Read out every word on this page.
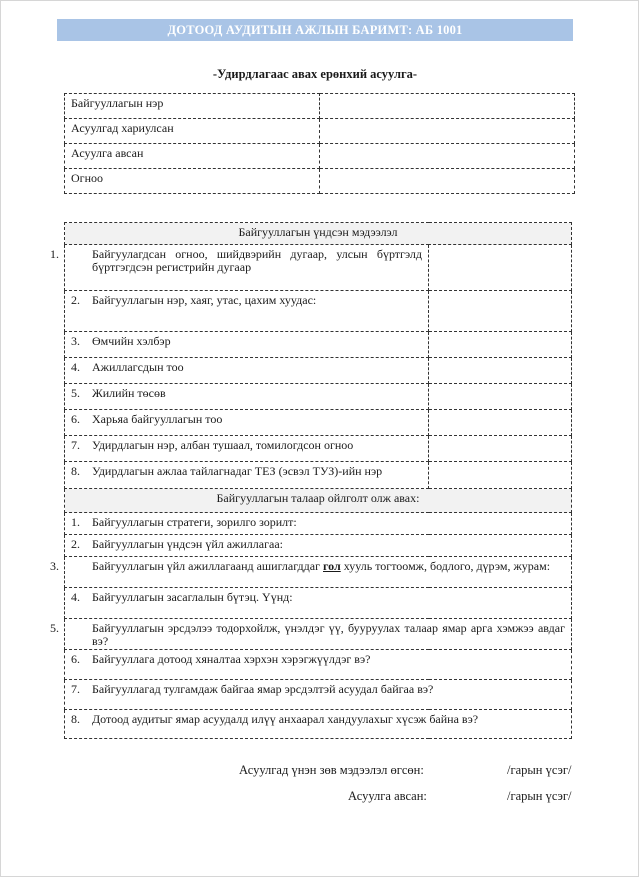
ДОТООД АУДИТЫН АЖЛЫН БАРИМТ: АБ 1001
-Удирдлагаас авах ерөнхий асуулга-
Байгууллагын нэр	
Асуулгад хариулсан	
Асуулга авсан	
Огноо	
Байгууллагын үндсэн мэдээлэл	

1. Байгуулагдсан огноо, шийдвэрийн дугаар, улсын бүртгэлд бүртгэгдсэн регистрийн дугаар	

2. Байгууллагын нэр, хаяг, утас, цахим хуудас:	
3. Өмчийн хэлбэр	
4. Ажиллагсдын тоо	
5. Жилийн төсөв	
6. Харьяа байгууллагын тоо	
7. Удирдлагын нэр, албан тушаал, томилогдсон огноо	
8. Удирдлагын ажлаа тайлагнадаг ТЕЗ (эсвэл ТУЗ)-ийн нэр	
Байгууллагын талаар ойлголт олж авах:	
1. Байгууллагын стратеги, зорилго зорилт:	
2. Байгууллагын үндсэн үйл ажиллагаа:	

3. Байгууллагын үйл ажиллагаанд ашиглагддаг гол хууль тогтоомж, бодлого, дүрэм, журам:	

4. Байгууллагын засаглалын бүтэц. Үүнд:	

5. Байгууллагын эрсдэлээ тодорхойлж, үнэлдэг үү, бууруулах талаар ямар арга хэмжээ авдаг вэ?	

6. Байгууллага дотоод хяналтаа хэрхэн хэрэгжүүлдэг вэ?	
7. Байгууллагад тулгамдаж байгаа ямар эрсдэлтэй асуудал байгаа вэ?	
8. Дотоод аудитыг ямар асуудалд илүү анхаарал хандуулахыг хүсэж байна вэ?	
Асуулгад үнэн зөв мэдээлэл өгсөн:	/гарын үсэг/
Асуулга авсан:	/гарын үсэг/
